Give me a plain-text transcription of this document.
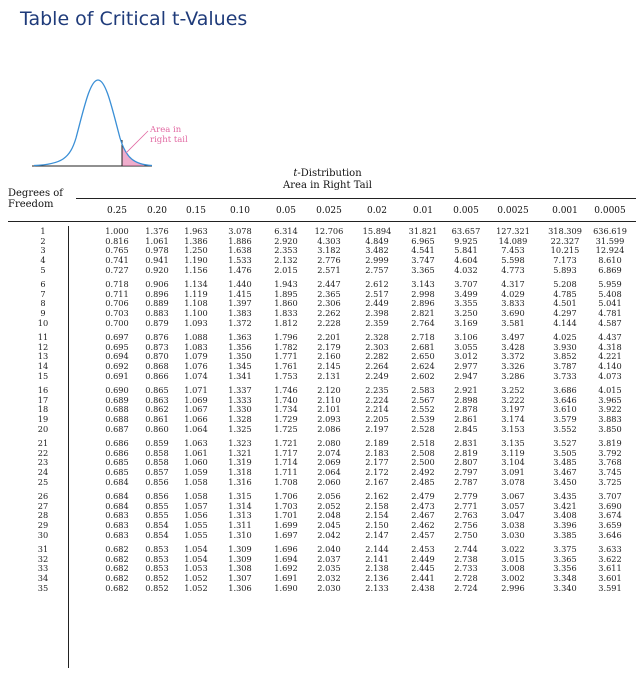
Table of Critical t-Values
Area in
right tail
t-Distribution
Area in Right Tail
Degrees of
Freedom
0.25	0.20	0.15	0.10	0.05	0.025	0.02	0.01	0.005	0.0025	0.001	0.0005
1	1.000	1.376	1.963	3.078	6.314	12.706	15.894	31.821	63.657	127.321	318.309	636.619
2	0.816	1.061	1.386	1.886	2.920	4.303	4.849	6.965	9.925	14.089	22.327	31.599
3	0.765	0.978	1.250	1.638	2.353	3.182	3.482	4.541	5.841	7.453	10.215	12.924
4	0.741	0.941	1.190	1.533	2.132	2.776	2.999	3.747	4.604	5.598	7.173	8.610
5	0.727	0.920	1.156	1.476	2.015	2.571	2.757	3.365	4.032	4.773	5.893	6.869
6	0.718	0.906	1.134	1.440	1.943	2.447	2.612	3.143	3.707	4.317	5.208	5.959
7	0.711	0.896	1.119	1.415	1.895	2.365	2.517	2.998	3.499	4.029	4.785	5.408
8	0.706	0.889	1.108	1.397	1.860	2.306	2.449	2.896	3.355	3.833	4.501	5.041
9	0.703	0.883	1.100	1.383	1.833	2.262	2.398	2.821	3.250	3.690	4.297	4.781
10	0.700	0.879	1.093	1.372	1.812	2.228	2.359	2.764	3.169	3.581	4.144	4.587
11	0.697	0.876	1.088	1.363	1.796	2.201	2.328	2.718	3.106	3.497	4.025	4.437
12	0.695	0.873	1.083	1.356	1.782	2.179	2.303	2.681	3.055	3.428	3.930	4.318
13	0.694	0.870	1.079	1.350	1.771	2.160	2.282	2.650	3.012	3.372	3.852	4.221
14	0.692	0.868	1.076	1.345	1.761	2.145	2.264	2.624	2.977	3.326	3.787	4.140
15	0.691	0.866	1.074	1.341	1.753	2.131	2.249	2.602	2.947	3.286	3.733	4.073
16	0.690	0.865	1.071	1.337	1.746	2.120	2.235	2.583	2.921	3.252	3.686	4.015
17	0.689	0.863	1.069	1.333	1.740	2.110	2.224	2.567	2.898	3.222	3.646	3.965
18	0.688	0.862	1.067	1.330	1.734	2.101	2.214	2.552	2.878	3.197	3.610	3.922
19	0.688	0.861	1.066	1.328	1.729	2.093	2.205	2.539	2.861	3.174	3.579	3.883
20	0.687	0.860	1.064	1.325	1.725	2.086	2.197	2.528	2.845	3.153	3.552	3.850
21	0.686	0.859	1.063	1.323	1.721	2.080	2.189	2.518	2.831	3.135	3.527	3.819
22	0.686	0.858	1.061	1.321	1.717	2.074	2.183	2.508	2.819	3.119	3.505	3.792
23	0.685	0.858	1.060	1.319	1.714	2.069	2.177	2.500	2.807	3.104	3.485	3.768
24	0.685	0.857	1.059	1.318	1.711	2.064	2.172	2.492	2.797	3.091	3.467	3.745
25	0.684	0.856	1.058	1.316	1.708	2.060	2.167	2.485	2.787	3.078	3.450	3.725
26	0.684	0.856	1.058	1.315	1.706	2.056	2.162	2.479	2.779	3.067	3.435	3.707
27	0.684	0.855	1.057	1.314	1.703	2.052	2.158	2.473	2.771	3.057	3.421	3.690
28	0.683	0.855	1.056	1.313	1.701	2.048	2.154	2.467	2.763	3.047	3.408	3.674
29	0.683	0.854	1.055	1.311	1.699	2.045	2.150	2.462	2.756	3.038	3.396	3.659
30	0.683	0.854	1.055	1.310	1.697	2.042	2.147	2.457	2.750	3.030	3.385	3.646
31	0.682	0.853	1.054	1.309	1.696	2.040	2.144	2.453	2.744	3.022	3.375	3.633
32	0.682	0.853	1.054	1.309	1.694	2.037	2.141	2.449	2.738	3.015	3.365	3.622
33	0.682	0.853	1.053	1.308	1.692	2.035	2.138	2.445	2.733	3.008	3.356	3.611
34	0.682	0.852	1.052	1.307	1.691	2.032	2.136	2.441	2.728	3.002	3.348	3.601
35	0.682	0.852	1.052	1.306	1.690	2.030	2.133	2.438	2.724	2.996	3.340	3.591
